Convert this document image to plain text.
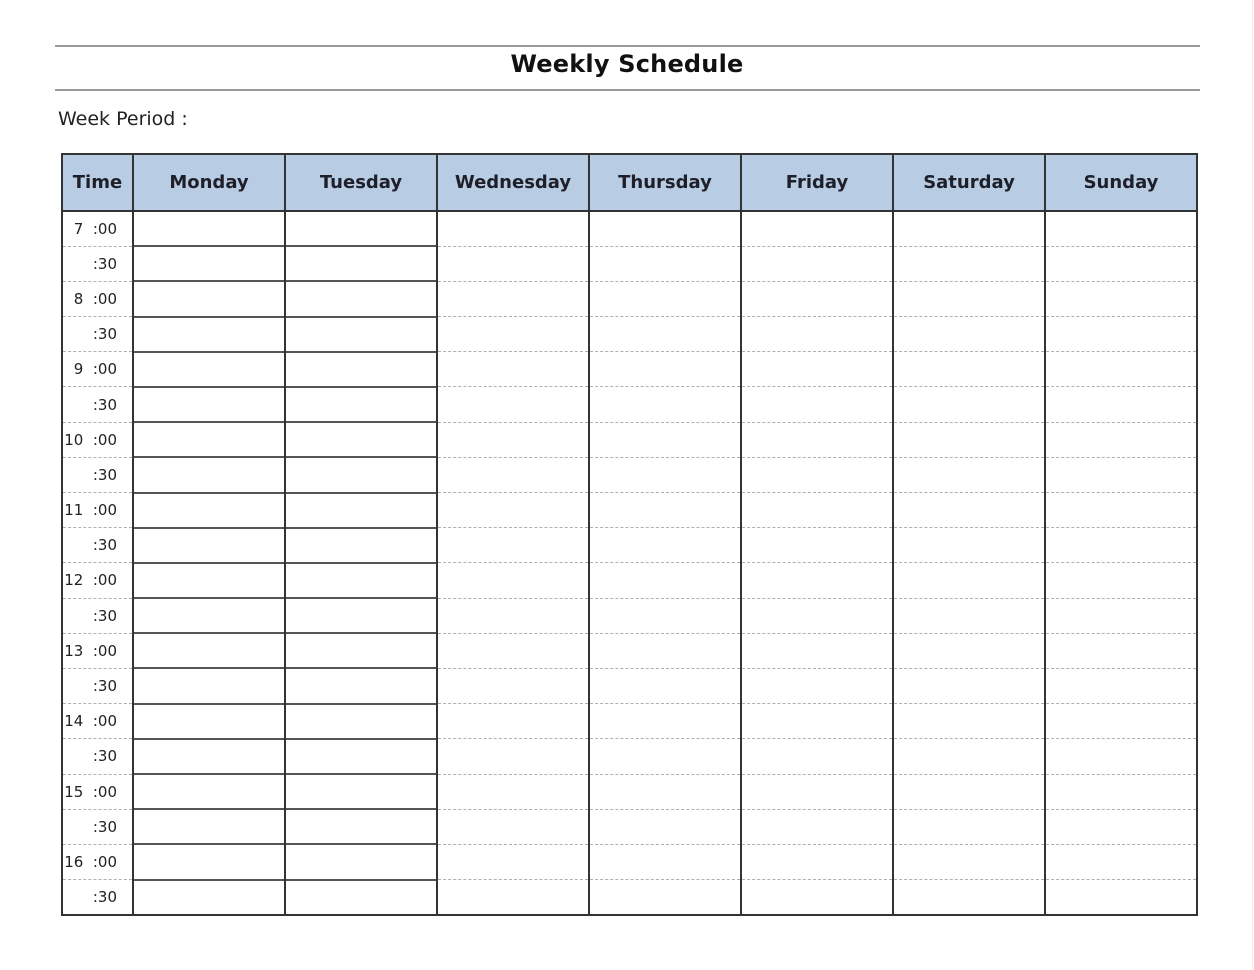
Weekly Schedule
Week Period :
Time	Monday	Tuesday	Wednesday	Thursday	Friday	Saturday	Sunday
7  :00							
:30							
8  :00							
:30							
9  :00							
:30							
10  :00							
:30							
11  :00							
:30							
12  :00							
:30							
13  :00							
:30							
14  :00							
:30							
15  :00							
:30							
16  :00							
:30							
